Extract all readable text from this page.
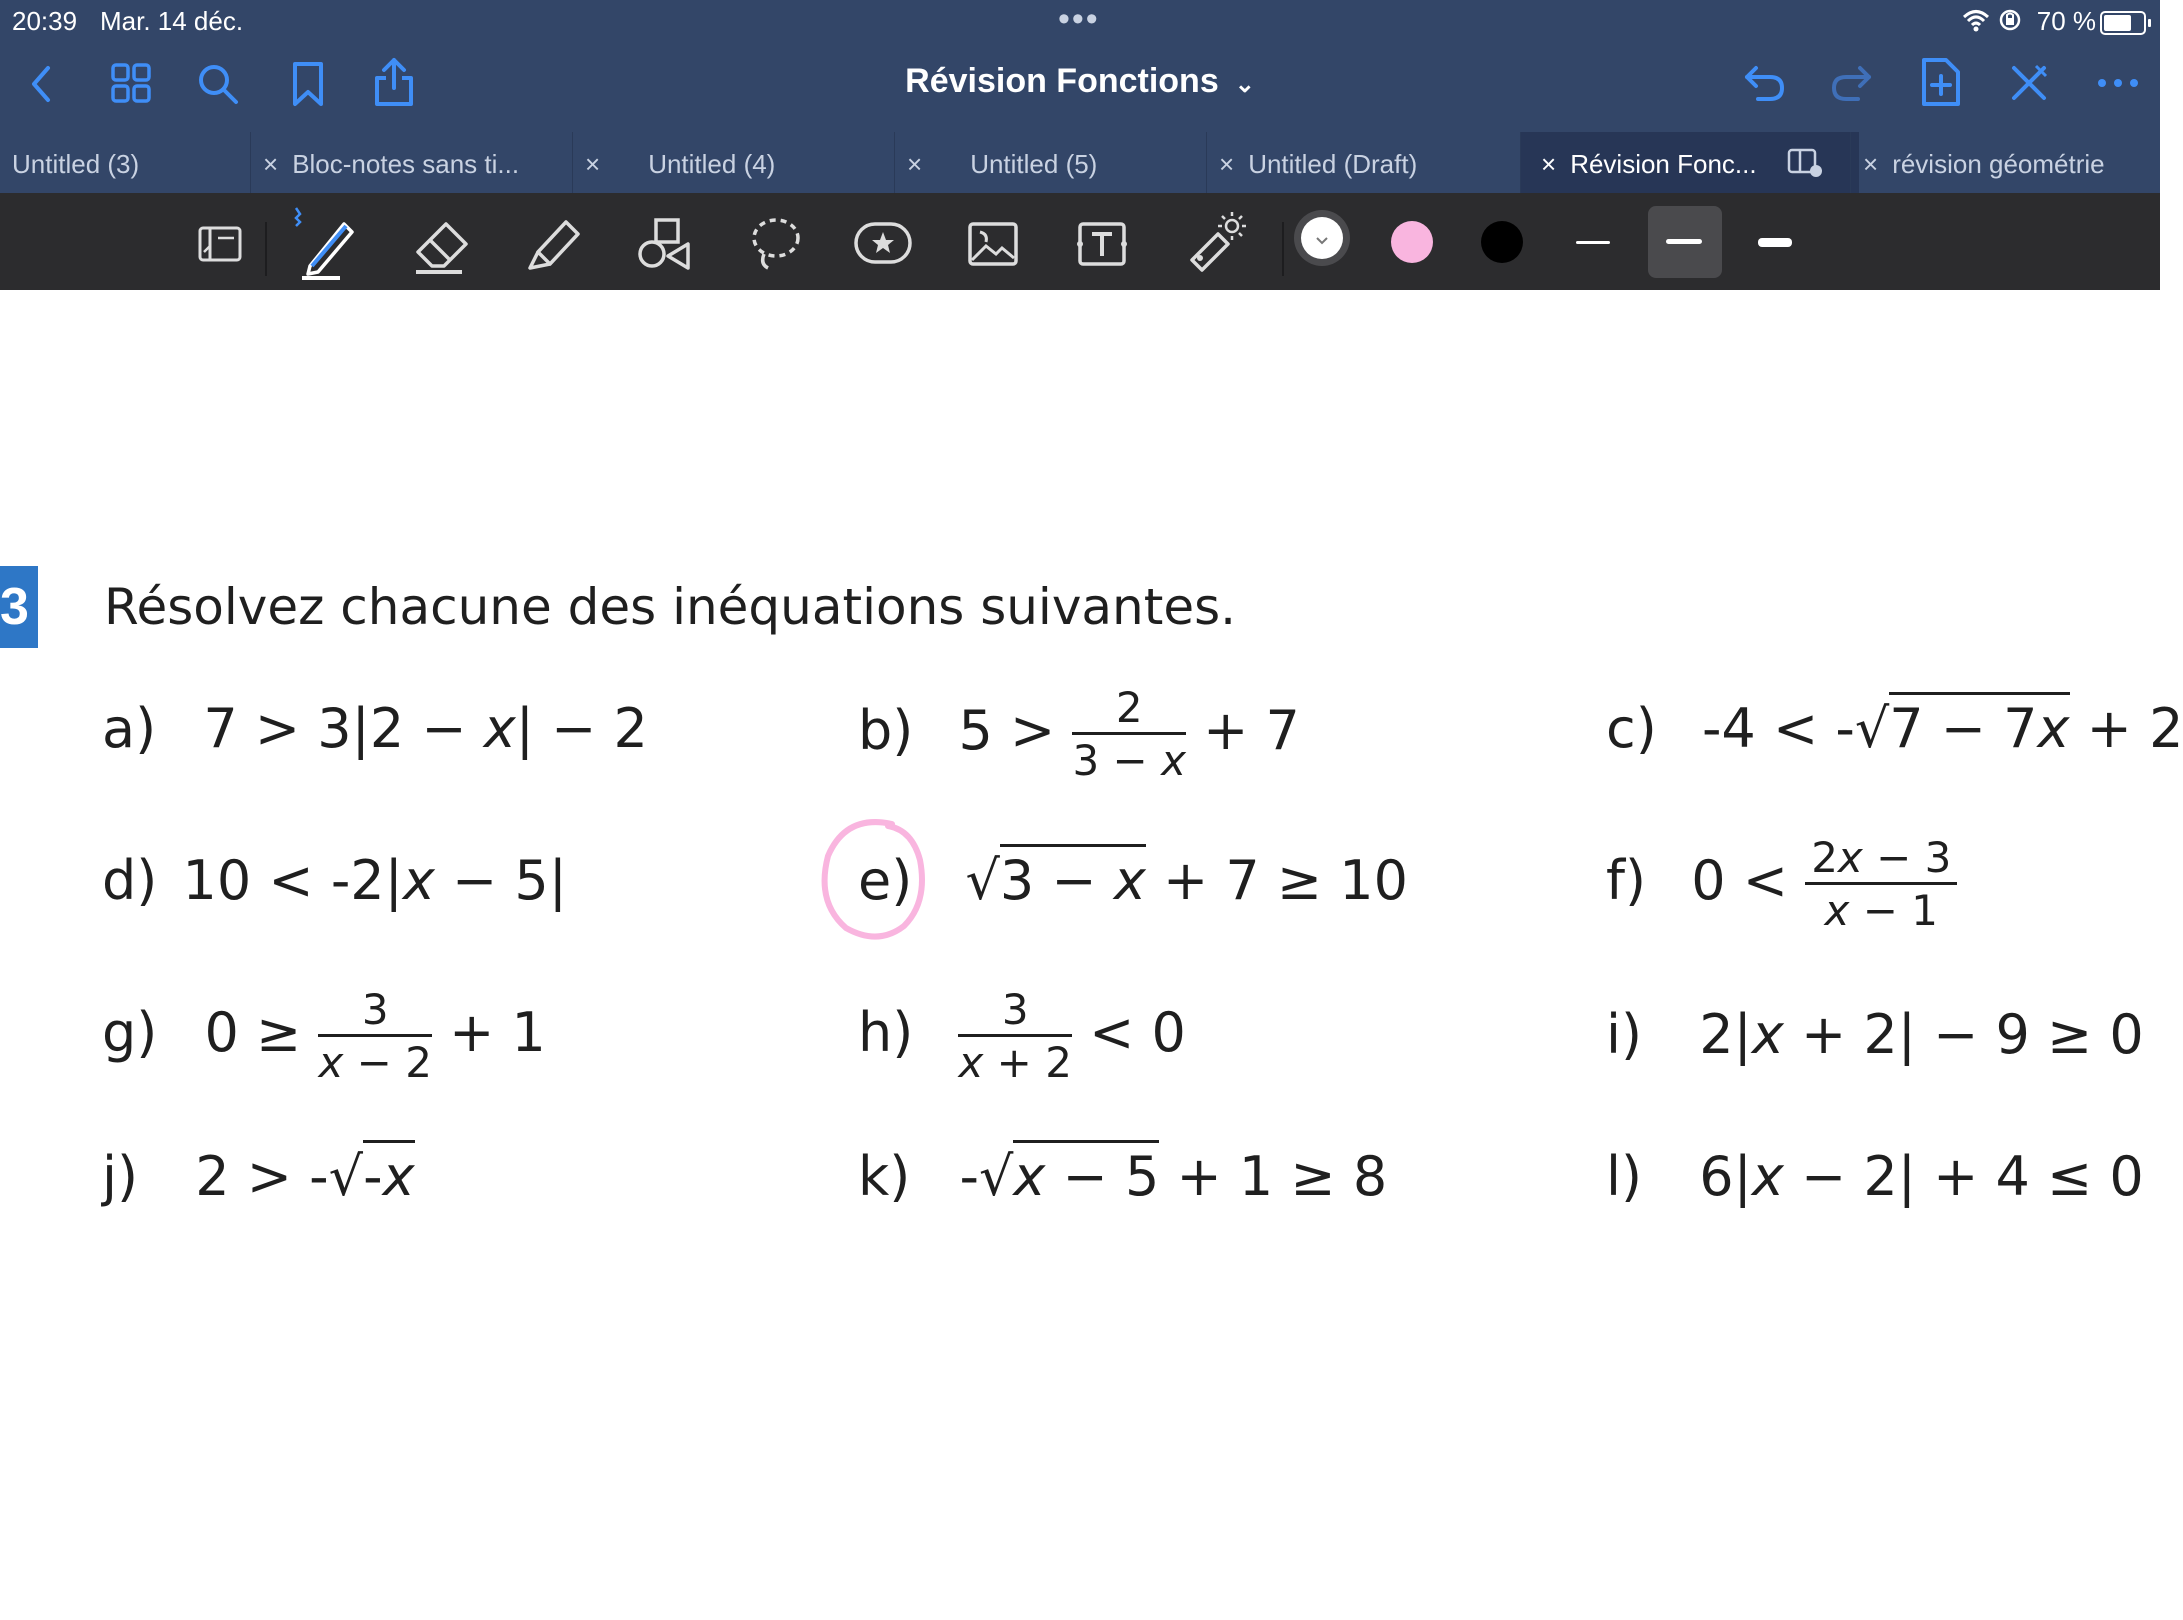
20:39 Mar. 14 déc.	•••	70 %
Révision Fonctions ⌄
Untitled (3)	× Bloc-notes sans ti...	× Untitled (4)	× Untitled (5)	× Untitled (Draft)	× Révision Fonc...	× révision géométrie
3 Résolvez chacune des inéquations suivantes.
a) 7 > 3|2 − x| − 2	b) $5 > \frac{2}{3 - x} + 7$	c) -4 < -√7 − 7x + 2
d) 10 < -2|x − 5|	e) √3 − x + 7 ≥ 10	f) $0 < \frac{2x - 3}{x - 1}$
g) $0 \ge \frac{3}{x - 2} + 1$	$h) \frac{3}{x + 2} < 0$	i) 2|x + 2| − 9 ≥ 0
j) 2 > -√-x	k) -√x − 5 + 1 ≥ 8	l) 6|x − 2| + 4 ≤ 0
